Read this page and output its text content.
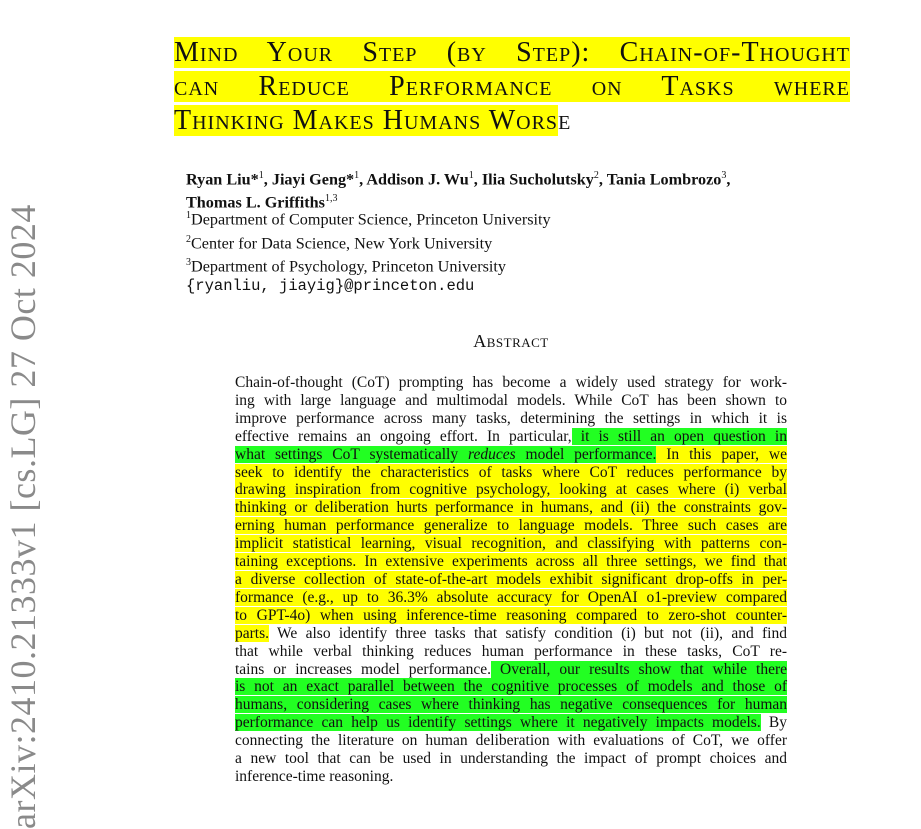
arXiv:2410.21333v1 [cs.LG] 27 Oct 2024
Mind Your Step (by Step): Chain-of-Thought
can Reduce Performance on Tasks where
Thinking Makes Humans Worse
Ryan Liu*$^1$, Jiayi Geng*$^1$, Addison J. Wu$^1$, Ilia Sucholutsky$^2$, Tania Lombrozo$^3$,
Thomas L. Griffiths$^{1,3}$
$^1$Department of Computer Science, Princeton University
$^2$Center for Data Science, New York University
$^3$Department of Psychology, Princeton University
{ryanliu, jiayig}@princeton.edu
Abstract
Chain-of-thought (CoT) prompting has become a widely used strategy for work-
ing with large language and multimodal models. While CoT has been shown to
improve performance across many tasks, determining the settings in which it is
effective remains an ongoing effort. In particular, it is still an open question in
what settings CoT systematically reduces model performance. In this paper, we
seek to identify the characteristics of tasks where CoT reduces performance by
drawing inspiration from cognitive psychology, looking at cases where (i) verbal
thinking or deliberation hurts performance in humans, and (ii) the constraints gov-
erning human performance generalize to language models. Three such cases are
implicit statistical learning, visual recognition, and classifying with patterns con-
taining exceptions. In extensive experiments across all three settings, we find that
a diverse collection of state-of-the-art models exhibit significant drop-offs in per-
formance (e.g., up to 36.3% absolute accuracy for OpenAI o1-preview compared
to GPT-4o) when using inference-time reasoning compared to zero-shot counter-
parts. We also identify three tasks that satisfy condition (i) but not (ii), and find
that while verbal thinking reduces human performance in these tasks, CoT re-
tains or increases model performance. Overall, our results show that while there
is not an exact parallel between the cognitive processes of models and those of
humans, considering cases where thinking has negative consequences for human
performance can help us identify settings where it negatively impacts models. By
connecting the literature on human deliberation with evaluations of CoT, we offer
a new tool that can be used in understanding the impact of prompt choices and
inference-time reasoning.
